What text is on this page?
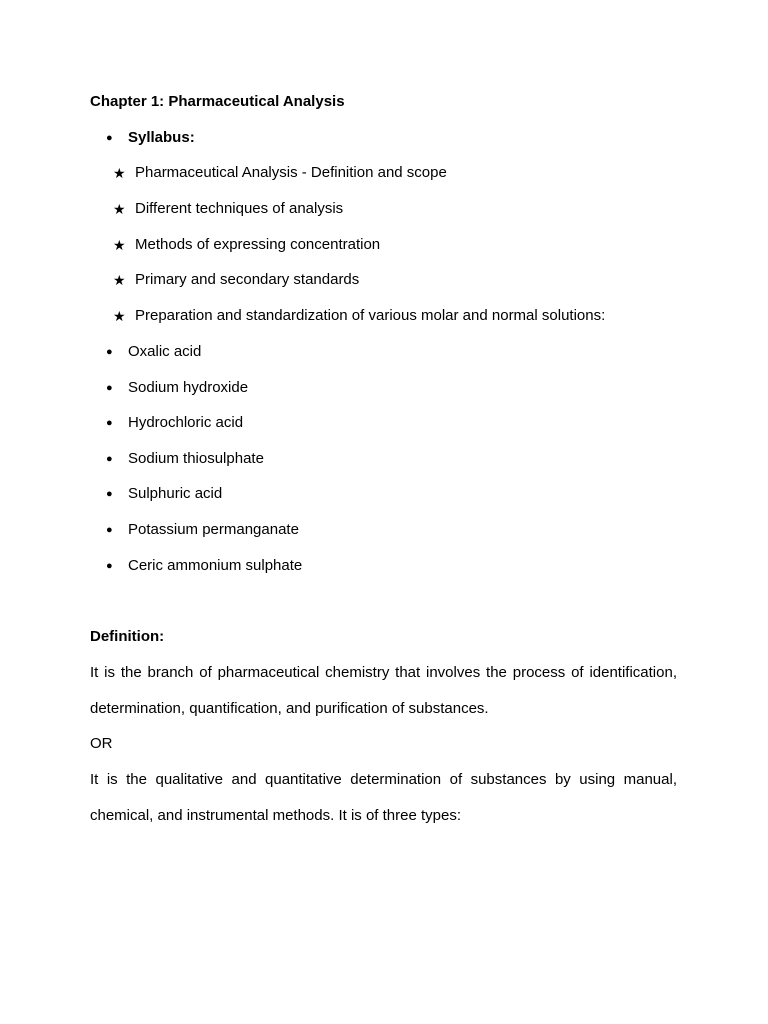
Chapter 1: Pharmaceutical Analysis
● Syllabus:
★ Pharmaceutical Analysis - Definition and scope
★ Different techniques of analysis
★ Methods of expressing concentration
★ Primary and secondary standards
★ Preparation and standardization of various molar and normal solutions:
● Oxalic acid
● Sodium hydroxide
● Hydrochloric acid
● Sodium thiosulphate
● Sulphuric acid
● Potassium permanganate
● Ceric ammonium sulphate
Definition:
It is the branch of pharmaceutical chemistry that involves the process of identification, determination, quantification, and purification of substances.
OR
It is the qualitative and quantitative determination of substances by using manual, chemical, and instrumental methods. It is of three types:
